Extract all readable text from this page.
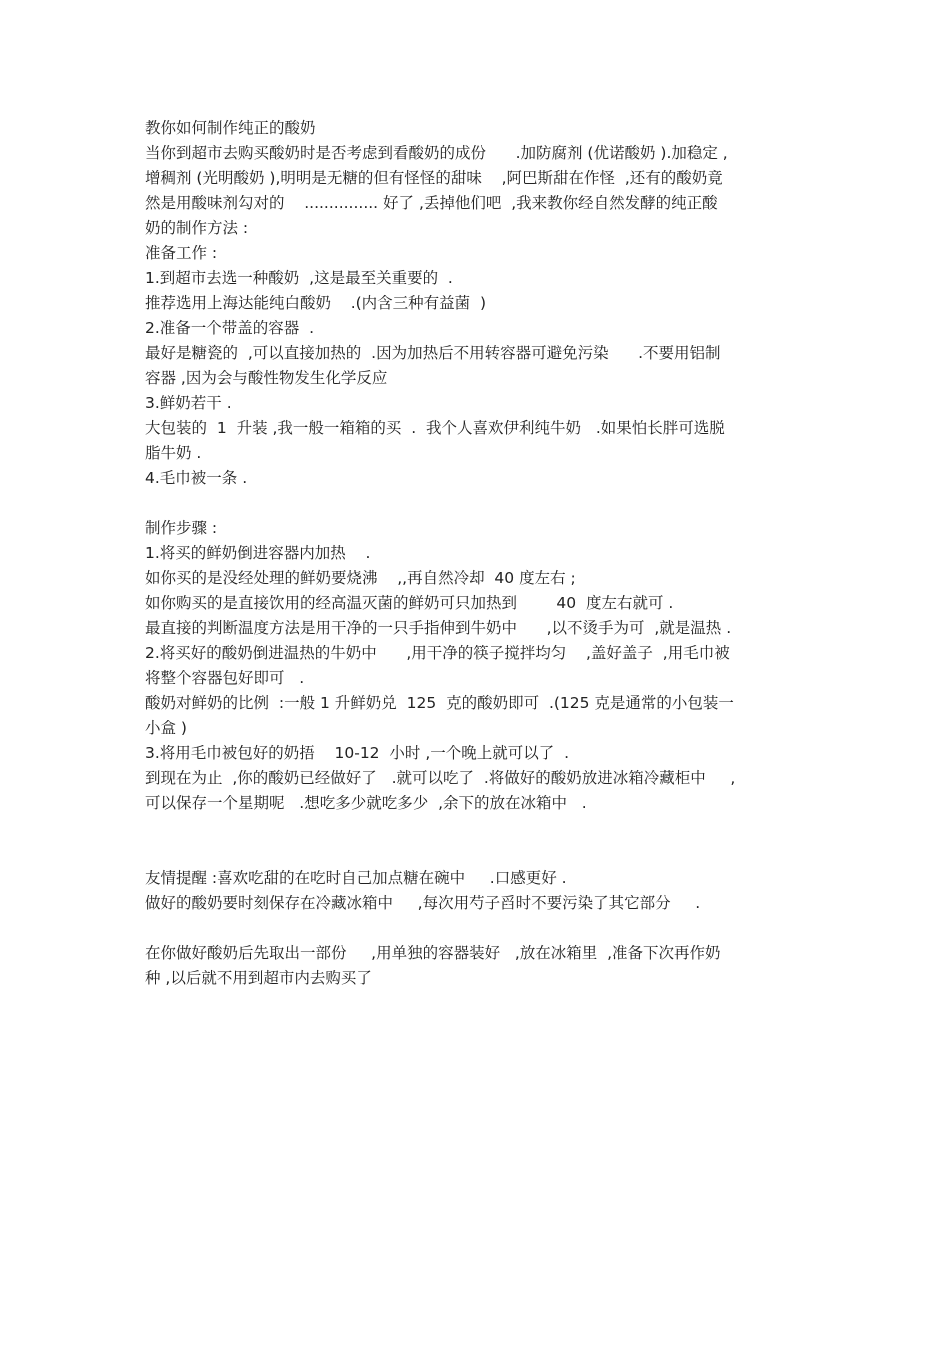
教你如何制作纯正的酸奶
当你到超市去购买酸奶时是否考虑到看酸奶的成份      .加防腐剂 (优诺酸奶 ).加稳定 ,
增稠剂 (光明酸奶 ),明明是无糖的但有怪怪的甜味    ,阿巴斯甜在作怪  ,还有的酸奶竟
然是用酸味剂勾对的    ............... 好了 ,丢掉他们吧  ,我来教你经自然发酵的纯正酸
奶的制作方法 :
准备工作 :
1.到超市去选一种酸奶  ,这是最至关重要的  .
推荐选用上海达能纯白酸奶    .(内含三种有益菌  )
2.准备一个带盖的容器  .
最好是糖瓷的  ,可以直接加热的  .因为加热后不用转容器可避免污染      .不要用铝制
容器 ,因为会与酸性物发生化学反应
3.鲜奶若干 .
大包装的  1  升装 ,我一般一箱箱的买  .  我个人喜欢伊利纯牛奶   .如果怕长胖可选脱
脂牛奶 .
4.毛巾被一条 .
制作步骤 :
1.将买的鲜奶倒进容器内加热    .
如你买的是没经处理的鲜奶要烧沸    ,,再自然冷却  40 度左右 ;
如你购买的是直接饮用的经高温灭菌的鲜奶可只加热到        40  度左右就可 .
最直接的判断温度方法是用干净的一只手指伸到牛奶中      ,以不烫手为可  ,就是温热 .
2.将买好的酸奶倒进温热的牛奶中      ,用干净的筷子搅拌均匀    ,盖好盖子  ,用毛巾被
将整个容器包好即可   .
酸奶对鲜奶的比例  :一般 1 升鲜奶兑  125  克的酸奶即可  .(125 克是通常的小包装一
小盒 )
3.将用毛巾被包好的奶捂    10-12  小时 ,一个晚上就可以了  .
到现在为止  ,你的酸奶已经做好了   .就可以吃了  .将做好的酸奶放进冰箱冷藏柜中     ,
可以保存一个星期呢   .想吃多少就吃多少  ,余下的放在冰箱中   .
友情提醒 :喜欢吃甜的在吃时自己加点糖在碗中     .口感更好 .
做好的酸奶要时刻保存在冷藏冰箱中     ,每次用芍子舀时不要污染了其它部分     .
在你做好酸奶后先取出一部份     ,用单独的容器装好   ,放在冰箱里  ,准备下次再作奶
种 ,以后就不用到超市内去购买了
